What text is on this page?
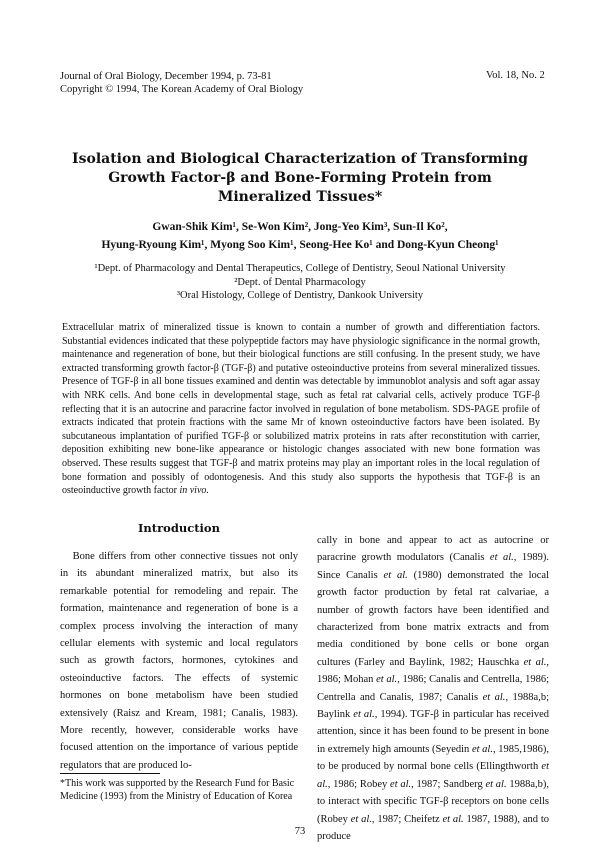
Journal of Oral Biology, December 1994, p. 73-81
Copyright © 1994, The Korean Academy of Oral Biology
Vol. 18, No. 2
Isolation and Biological Characterization of Transforming
Growth Factor-β and Bone-Forming Protein from
Mineralized Tissues*
Gwan-Shik Kim¹, Se-Won Kim², Jong-Yeo Kim³, Sun-Il Ko²,
Hyung-Ryoung Kim¹, Myong Soo Kim¹, Seong-Hee Ko¹ and Dong-Kyun Cheong¹
¹Dept. of Pharmacology and Dental Therapeutics, College of Dentistry, Seoul National University
²Dept. of Dental Pharmacology
³Oral Histology, College of Dentistry, Dankook University
Extracellular matrix of mineralized tissue is known to contain a number of growth and differentiation factors. Substantial evidences indicated that these polypeptide factors may have physiologic significance in the normal growth, maintenance and regeneration of bone, but their biological functions are still confusing. In the present study, we have extracted transforming growth factor-β (TGF-β) and putative osteoinductive proteins from several mineralized tissues. Presence of TGF-β in all bone tissues examined and dentin was detectable by immunoblot analysis and soft agar assay with NRK cells. And bone cells in developmental stage, such as fetal rat calvarial cells, actively produce TGF-β reflecting that it is an autocrine and paracrine factor involved in regulation of bone metabolism. SDS-PAGE profile of extracts indicated that protein fractions with the same Mr of known osteoinductive factors have been isolated. By subcutaneous implantation of purified TGF-β or solubilized matrix proteins in rats after reconstitution with carrier, deposition exhibiting new bone-like appearance or histologic changes associated with new bone formation was observed. These results suggest that TGF-β and matrix proteins may play an important roles in the local regulation of bone formation and possibly of odontogenesis. And this study also supports the hypothesis that TGF-β is an osteoinductive growth factor in vivo.
Introduction
Bone differs from other connective tissues not only in its abundant mineralized matrix, but also its remarkable potential for remodeling and repair. The formation, maintenance and regeneration of bone is a complex process involving the interaction of many cellular elements with systemic and local regulators such as growth factors, hormones, cytokines and osteoinductive factors. The effects of systemic hormones on bone metabolism have been studied extensively (Raisz and Kream, 1981; Canalis, 1983). More recently, however, considerable works have focused attention on the importance of various peptide regulators that are produced lo-
cally in bone and appear to act as autocrine or paracrine growth modulators (Canalis et al., 1989). Since Canalis et al. (1980) demonstrated the local growth factor production by fetal rat calvariae, a number of growth factors have been identified and characterized from bone matrix extracts and from media conditioned by bone cells or bone organ cultures (Farley and Baylink, 1982; Hauschka et al., 1986; Mohan et al., 1986; Canalis and Centrella, 1986; Centrella and Canalis, 1987; Canalis et al., 1988a,b; Baylink et al., 1994). TGF-β in particular has received attention, since it has been found to be present in bone in extremely high amounts (Seyedin et al., 1985,1986), to be produced by normal bone cells (Ellingthworth et al., 1986; Robey et al., 1987; Sandberg et al. 1988a,b), to interact with specific TGF-β receptors on bone cells (Robey et al., 1987; Cheifetz et al. 1987, 1988), and to produce
*This work was supported by the Research Fund for Basic Medicine (1993) from the Ministry of Education of Korea
73
